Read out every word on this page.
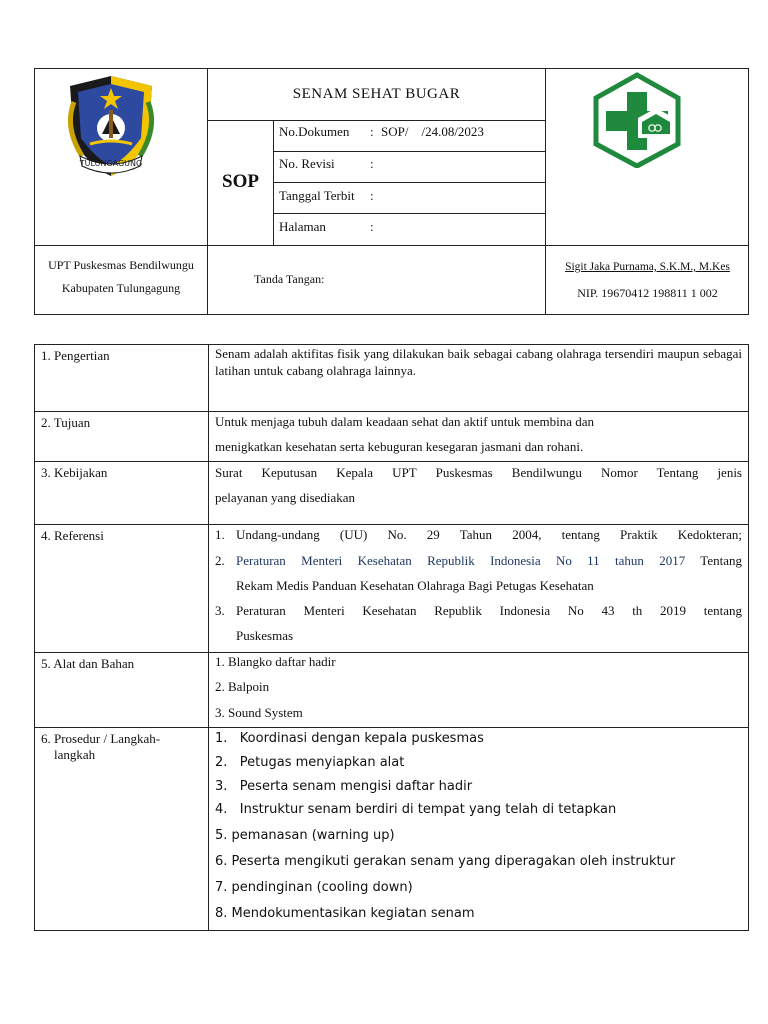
TULUNGAGUNG
SENAM SEHAT BUGAR
SOP
No.Dokumen : SOP/    /24.08/2023
No. Revisi	:
Tanggal Terbit :
Halaman	:
UPT Puskesmas Bendilwungu
Kabupaten Tulungagung
Tanda Tangan:
Sigit Jaka Purnama, S.K.M., M.Kes
NIP. 19670412 198811 1 002
1. Pengertian	Senam adalah aktifitas fisik yang dilakukan baik sebagai cabang olahraga tersendiri maupun sebagai latihan untuk cabang olahraga lainnya.
2. Tujuan	Untuk menjaga tubuh dalam keadaan sehat dan aktif untuk membina dan
menigkatkan kesehatan serta kebuguran kesegaran jasmani dan rohani.
3. Kebijakan	Surat Keputusan Kepala UPT Puskesmas Bendilwungu Nomor Tentang jenis
pelayanan yang disediakan
4. Referensi	1. Undang-undang (UU) No. 29 Tahun 2004, tentang Praktik Kedokteran;
2. Peraturan Menteri Kesehatan Republik Indonesia No 11 tahun 2017 Tentang
Rekam Medis Panduan Kesehatan Olahraga Bagi Petugas Kesehatan
3. Peraturan Menteri Kesehatan Republik Indonesia No 43 th 2019 tentang
Puskesmas
5. Alat dan Bahan	1. Blangko daftar hadir
2. Balpoin
3. Sound System
6. Prosedur / Langkah-
langkah
1.   Koordinasi dengan kepala puskesmas
2.   Petugas menyiapkan alat
3.   Peserta senam mengisi daftar hadir
4.   Instruktur senam berdiri di tempat yang telah di tetapkan
5. pemanasan (warning up)
6. Peserta mengikuti gerakan senam yang diperagakan oleh instruktur
7. pendinginan (cooling down)
8. Mendokumentasikan kegiatan senam
